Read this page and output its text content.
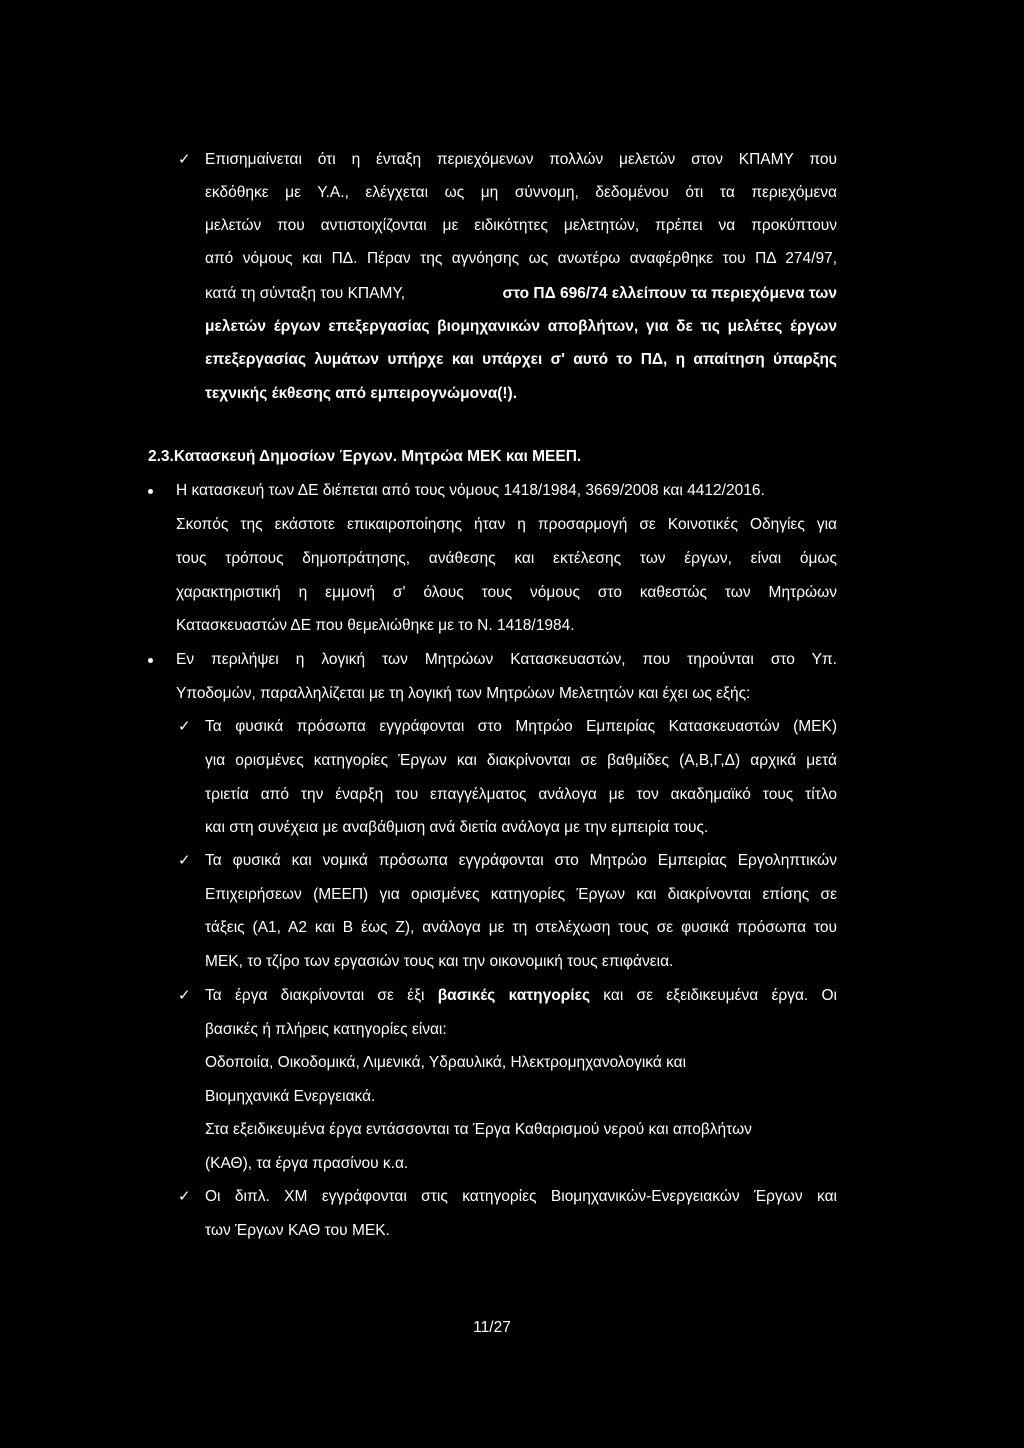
✓ Επισημαίνεται ότι η ένταξη περιεχόμενων πολλών μελετών στον ΚΠΑΜΥ που
εκδόθηκε με Υ.Α., ελέγχεται ως μη σύννομη, δεδομένου ότι τα περιεχόμενα
μελετών που αντιστοιχίζονται με ειδικότητες μελετητών, πρέπει να προκύπτουν
από νόμους και ΠΔ. Πέραν της αγνόησης ως ανωτέρω αναφέρθηκε του ΠΔ 274/97,
κατά τη σύνταξη του ΚΠΑΜΥ,	στο ΠΔ 696/74 ελλείπουν τα περιεχόμενα των
μελετών έργων επεξεργασίας βιομηχανικών αποβλήτων, για δε τις μελέτες έργων
επεξεργασίας λυμάτων υπήρχε και υπάρχει σ' αυτό το ΠΔ, η απαίτηση ύπαρξης
τεχνικής έκθεσης από εμπειρογνώμονα(!).
2.3.Κατασκευή Δημοσίων Έργων. Μητρώα ΜΕΚ και ΜΕΕΠ.
Η κατασκευή των ΔΕ διέπεται από τους νόμους 1418/1984, 3669/2008 και 4412/2016.
Σκοπός της εκάστοτε επικαιροποίησης ήταν η προσαρμογή σε Κοινοτικές Οδηγίες για
τους τρόπους δημοπράτησης, ανάθεσης και εκτέλεσης των έργων, είναι όμως
χαρακτηριστική η εμμονή σ' όλους τους νόμους στο καθεστώς των Μητρώων
Κατασκευαστών ΔΕ που θεμελιώθηκε με το Ν. 1418/1984.
Εν περιλήψει η λογική των Μητρώων Κατασκευαστών, που τηρούνται στο Υπ.
Υποδομών, παραλληλίζεται με τη λογική των Μητρώων Μελετητών και έχει ως εξής:
✓ Τα φυσικά πρόσωπα εγγράφονται στο Μητρώο Εμπειρίας Κατασκευαστών (ΜΕΚ)
για ορισμένες κατηγορίες Έργων και διακρίνονται σε βαθμίδες (Α,Β,Γ,Δ) αρχικά μετά
τριετία από την έναρξη του επαγγέλματος ανάλογα με τον ακαδημαϊκό τους τίτλο
και στη συνέχεια με αναβάθμιση ανά διετία ανάλογα με την εμπειρία τους.
✓ Τα φυσικά και νομικά πρόσωπα εγγράφονται στο Μητρώο Εμπειρίας Εργοληπτικών
Επιχειρήσεων (ΜΕΕΠ) για ορισμένες κατηγορίες Έργων και διακρίνονται επίσης σε
τάξεις (Α1, Α2 και Β έως Ζ), ανάλογα με τη στελέχωση τους σε φυσικά πρόσωπα του
ΜΕΚ, το τζίρο των εργασιών τους και την οικονομική τους επιφάνεια.
✓ Τα έργα διακρίνονται σε έξι βασικές κατηγορίες και σε εξειδικευμένα έργα. Οι
βασικές ή πλήρεις κατηγορίες είναι:
Οδοποιία, Οικοδομικά, Λιμενικά, Υδραυλικά, Ηλεκτρομηχανολογικά και
Βιομηχανικά Ενεργειακά.
Στα εξειδικευμένα έργα εντάσσονται τα Έργα Καθαρισμού νερού και αποβλήτων
(ΚΑΘ), τα έργα πρασίνου κ.α.
✓ Οι διπλ. ΧΜ εγγράφονται στις κατηγορίες Βιομηχανικών-Ενεργειακών Έργων και
των Έργων ΚΑΘ του ΜΕΚ.
11/27
